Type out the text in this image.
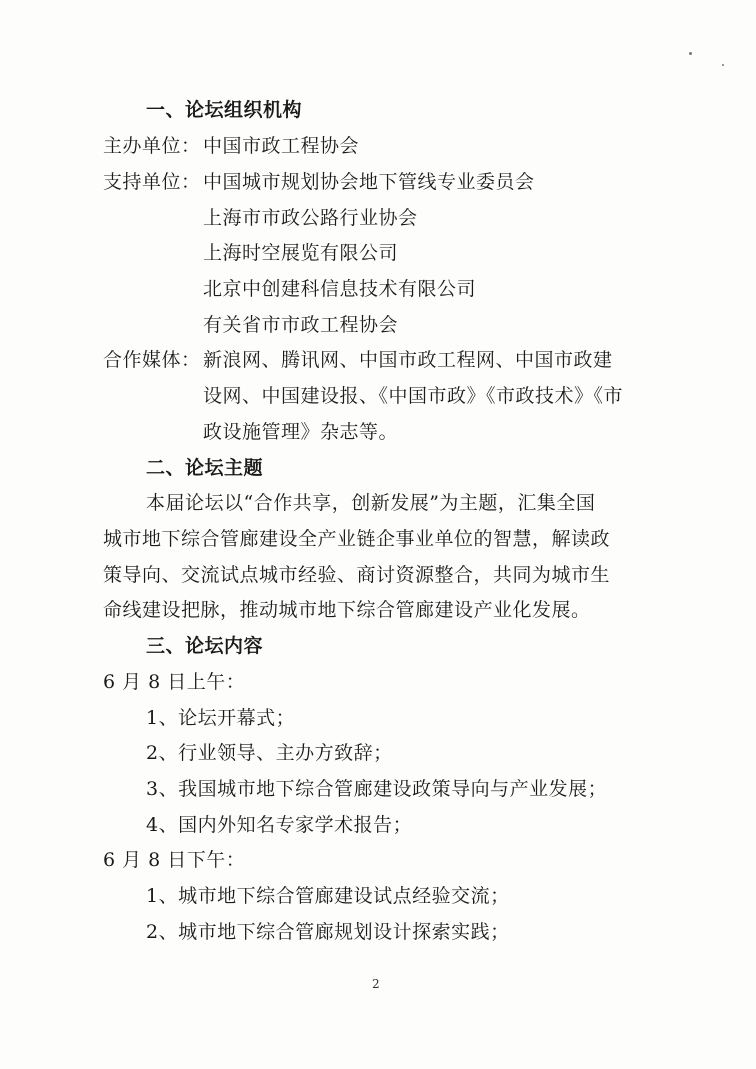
一、论坛组织机构
主办单位： 中国市政工程协会
支持单位： 中国城市规划协会地下管线专业委员会
上海市市政公路行业协会
上海时空展览有限公司
北京中创建科信息技术有限公司
有关省市市政工程协会
合作媒体： 新浪网、腾讯网、中国市政工程网、中国市政建
设网、中国建设报、《中国市政》《市政技术》《市
政设施管理》杂志等。
二、论坛主题
本届论坛以“合作共享，创新发展”为主题，汇集全国
城市地下综合管廊建设全产业链企事业单位的智慧，解读政
策导向、交流试点城市经验、商讨资源整合，共同为城市生
命线建设把脉，推动城市地下综合管廊建设产业化发展。
三、论坛内容
6 月 8 日上午：
1、论坛开幕式；
2、行业领导、主办方致辞；
3、我国城市地下综合管廊建设政策导向与产业发展；
4、国内外知名专家学术报告；
6 月 8 日下午：
1、城市地下综合管廊建设试点经验交流；
2、城市地下综合管廊规划设计探索实践；
2
